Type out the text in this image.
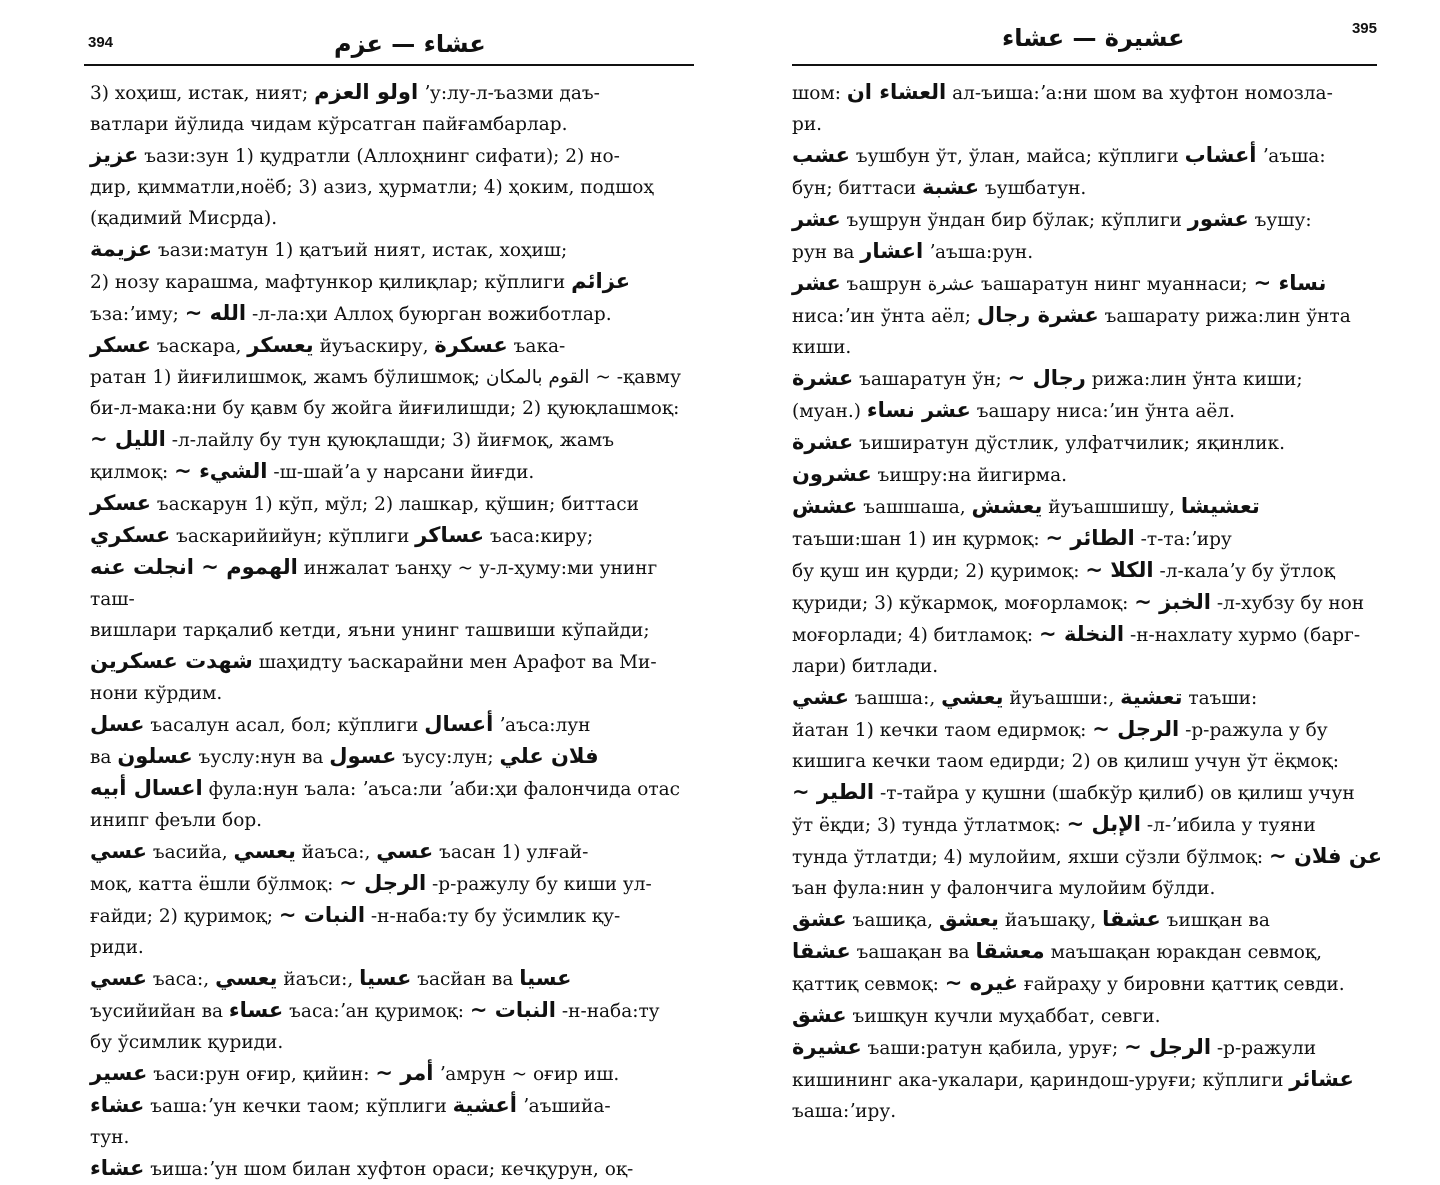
394	عشاء — عزم
3) хоҳиш, истак, ният; اولو العزم ʼу:лу-л-ъазми даъ-
ватлари йўлида чидам кўрсатган пайғамбарлар.
عزيز ъази:зун 1) қудратли (Аллоҳнинг сифати); 2) но-
дир, қимматли,ноёб; 3) азиз, ҳурматли; 4) ҳоким, подшоҳ
(қадимий Мисрда).
عزيمة ъази:матун 1) қатъий ният, истак, хоҳиш;
2) нозу карашма, мафтункор қилиқлар; кўплиги عزائم
ъза:ʼиму; الله ~ -л-ла:ҳи Аллоҳ буюрган вожиботлар.
عسكر ъаскара, يعسكر йуъаскиру, عسكرة ъака-
ратан 1) йиғилишмоқ, жамъ бўлишмоқ; القوم بالمكان ~ -қавму
би-л-мака:ни бу қавм бу жойга йиғилишди; 2) қуюқлашмоқ:
الليل ~ -л-лайлу бу тун қуюқлашди; 3) йиғмоқ, жамъ
қилмоқ: الشيء ~ -ш-шайʼа у нарсани йиғди.
عسكر ъаскарун 1) кўп, мўл; 2) лашкар, қўшин; биттаси
عسكري ъаскарийийун; кўплиги عساكر ъаса:киру;
الهموم ~ انجلت عنه инжалат ъанҳу ~ у-л-ҳуму:ми унинг таш-
вишлари тарқалиб кетди, яъни унинг ташвиши кўпайди;
شهدت عسكرين шаҳидту ъаскарайни мен Арафот ва Ми-
нони кўрдим.
عسل ъасалун асал, бол; кўплиги أعسال ʼаъса:лун
ва عسلون ъуслу:нун ва عسول ъусу:лун; فلان علي
اعسال أبيه фула:нун ъала: ʼаъса:ли ʼаби:ҳи фалончида отас
инипг феъли бор.
عسي ъасийа, يعسي йаъса:, عسي ъасан 1) улғай-
моқ, катта ёшли бўлмоқ: الرجل ~ -р-ражулу бу киши ул-
ғайди; 2) қуримоқ; النبات ~ -н-наба:ту бу ўсимлик қу-
риди.
عسي ъаса:, يعسي йаъси:, عسيا ъасйан ва عسيا
ъусийийан ва عساء ъаса:ʼан қуримоқ: النبات ~ -н-наба:ту
бу ўсимлик қуриди.
عسير ъаси:рун оғир, қийин: أمر ~ ʼамрун ~ оғир иш.
عشاء ъаша:ʼун кечки таом; кўплиги أعشية ʼаъшийа-
тун.
عشاء ъиша:ʼун шом билан хуфтон ораси; кечқурун, оқ-
عشيرة — عشاء	395
шом: العشاء ان ал-ъиша:ʼа:ни шом ва хуфтон номозла-
ри.
عشب ъушбун ўт, ўлан, майса; кўплиги أعشاب ʼаъша:
бун; биттаси عشبة ъушбатун.
عشر ъушрун ўндан бир бўлак; кўплиги عشور ъушу:
рун ва اعشار ʼаъша:рун.
عشر ъашрун عشرة ъашаратун нинг муаннаси; نساء ~
ниса:ʼин ўнта аёл; عشرة رجال ъашарату рижа:лин ўнта
киши.
عشرة ъашаратун ўн; رجال ~ рижа:лин ўнта киши;
(муан.) عشر نساء ъашару ниса:ʼин ўнта аёл.
عشرة ъиширатун дўстлик, улфатчилик; яқинлик.
عشرون ъишру:на йигирма.
عشش ъашшаша, يعشش йуъашшишу, تعشيشا
таъши:шан 1) ин қурмоқ: الطائر ~ -т-та:ʼиру
бу қуш ин қурди; 2) қуримоқ: الكلا ~ -л-калаʼу бу ўтлоқ
қуриди; 3) кўкармоқ, моғорламоқ: الخبز ~ -л-хубзу бу нон
моғорлади; 4) битламоқ: النخلة ~ -н-нахлату хурмо (барг-
лари) битлади.
عشي ъашша:, يعشي йуъашши:, تعشية таъши:
йатан 1) кечки таом едирмоқ: الرجل ~ -р-ражула у бу
кишига кечки таом едирди; 2) ов қилиш учун ўт ёқмоқ:
الطير ~ -т-тайра у қушни (шабкўр қилиб) ов қилиш учун
ўт ёқди; 3) тунда ўтлатмоқ: الإبل ~ -л-ʼибила у туяни
тунда ўтлатди; 4) мулойим, яхши сўзли бўлмоқ: عن فلان ~
ъан фула:нин у фалончига мулойим бўлди.
عشق ъашиқа, يعشق йаъшақу, عشقا ъишқан ва
عشقا ъашақан ва معشقا маъшақан юракдан севмоқ,
қаттиқ севмоқ: غيره ~ ғайраҳу у бировни қаттиқ севди.
عشق ъишқун кучли муҳаббат, севги.
عشيرة ъаши:ратун қабила, уруғ; الرجل ~ -р-ражули
кишининг ака-укалари, қариндош-уруғи; кўплиги عشائر
ъаша:ʼиру.
